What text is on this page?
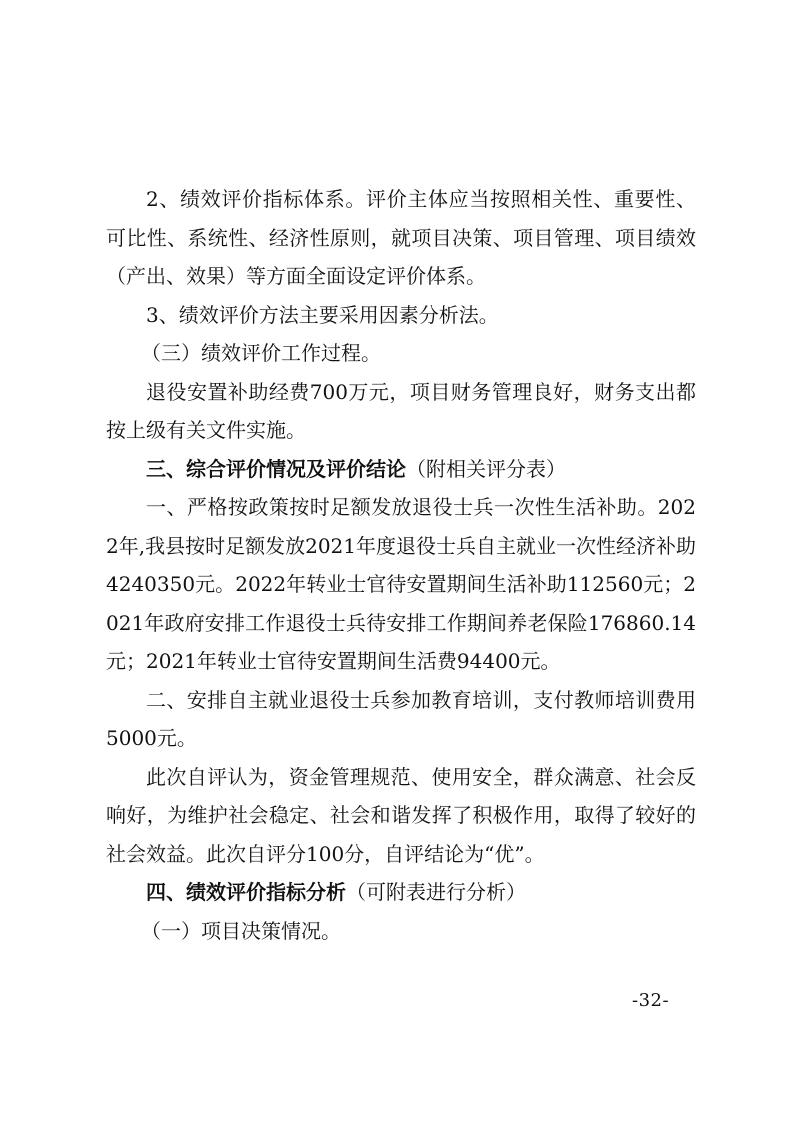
2、绩效评价指标体系。评价主体应当按照相关性、重要性、可比性、系统性、经济性原则，就项目决策、项目管理、项目绩效（产出、效果）等方面全面设定评价体系。

3、绩效评价方法主要采用因素分析法。

（三）绩效评价工作过程。

退役安置补助经费700万元，项目财务管理良好，财务支出都按上级有关文件实施。

三、综合评价情况及评价结论（附相关评分表）

一、严格按政策按时足额发放退役士兵一次性生活补助。2022年,我县按时足额发放2021年度退役士兵自主就业一次性经济补助 4240350元。2022年转业士官待安置期间生活补助112560元；2021年政府安排工作退役士兵待安排工作期间养老保险176860.14元；2021年转业士官待安置期间生活费94400元。

二、安排自主就业退役士兵参加教育培训，支付教师培训费用5000元。

此次自评认为，资金管理规范、使用安全，群众满意、社会反响好，为维护社会稳定、社会和谐发挥了积极作用，取得了较好的社会效益。此次自评分100分，自评结论为“优”。

四、绩效评价指标分析（可附表进行分析）

（一）项目决策情况。

-32-
